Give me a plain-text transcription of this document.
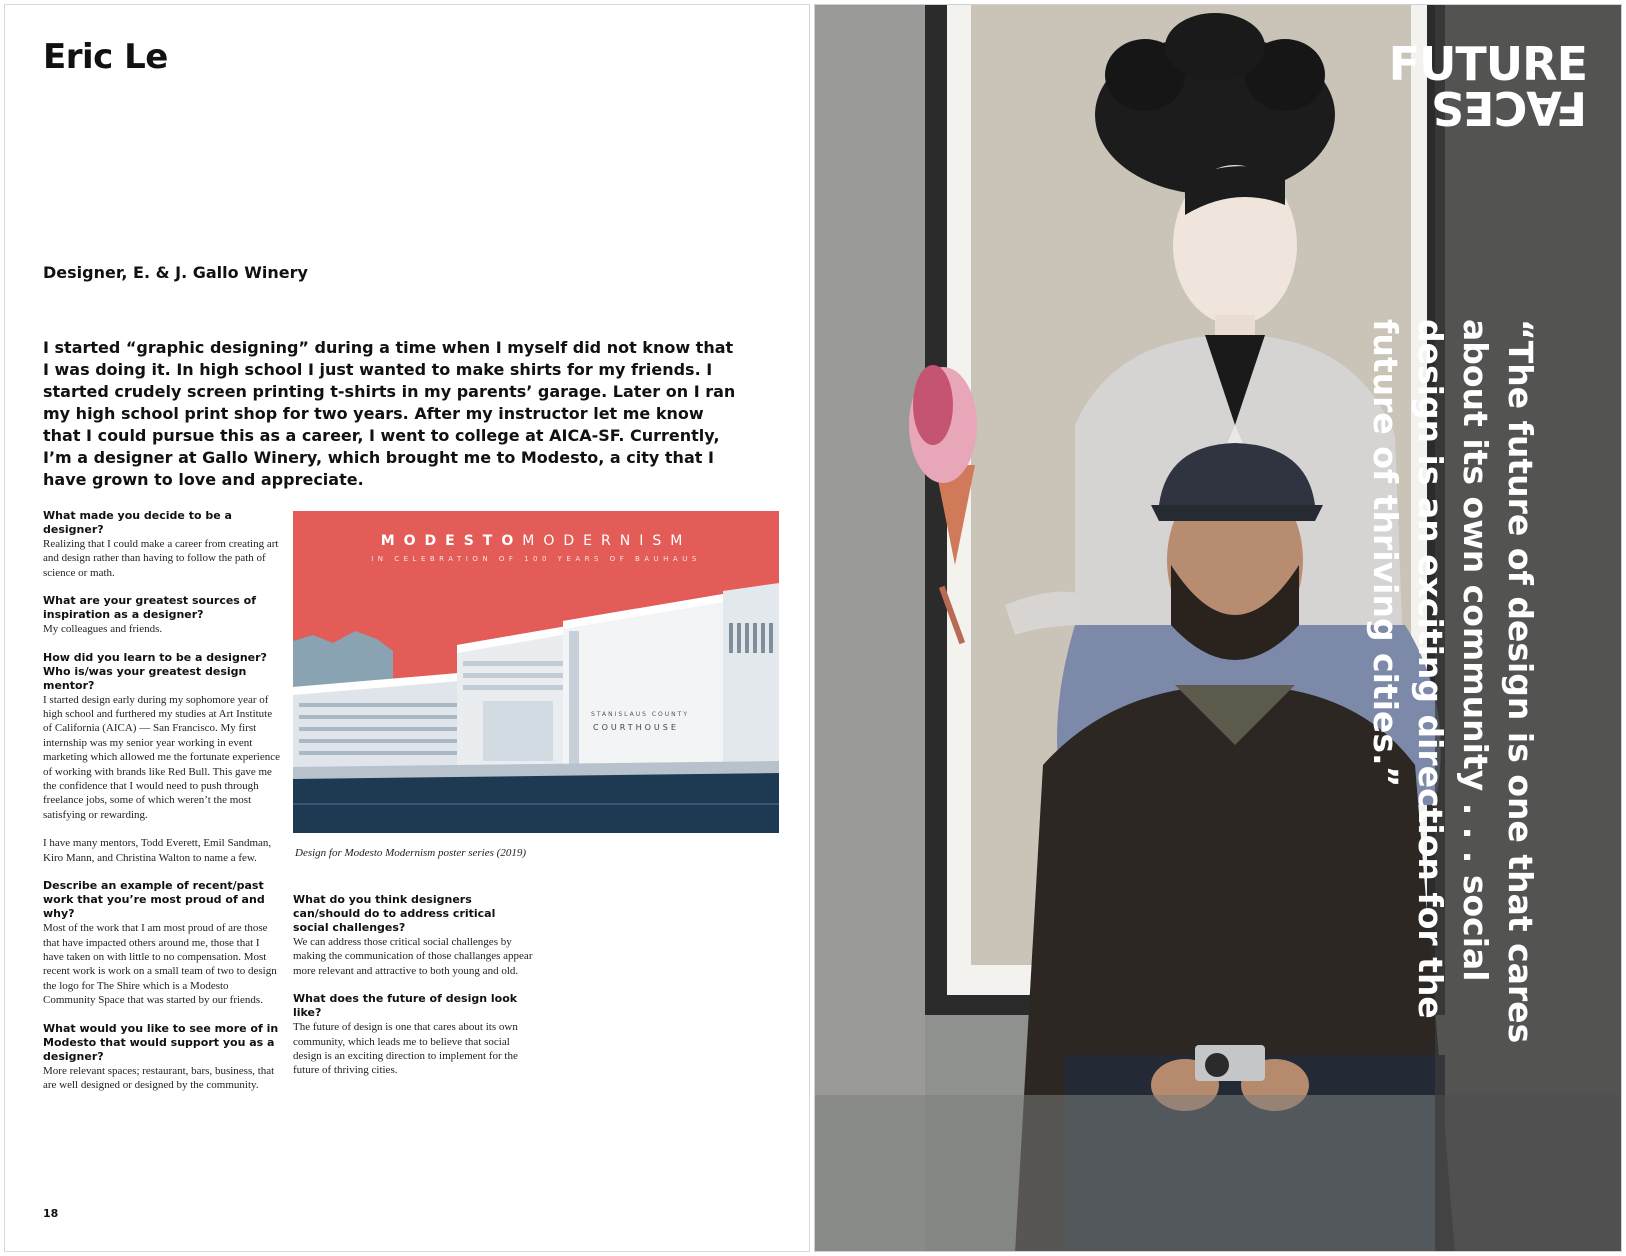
Eric Le
Designer, E. & J. Gallo Winery

I started “graphic designing” during a time when I myself did not know that I was doing it. In high school I just wanted to make shirts for my friends. I started crudely screen printing t-shirts in my parents’ garage. Later on I ran my high school print shop for two years. After my instructor let me know that I could pursue this as a career, I went to college at AICA-SF. Currently, I’m a designer at Gallo Winery, which brought me to Modesto, a city that I have grown to love and appreciate.

What made you decide to be a designer?

Realizing that I could make a career from creating art and design rather than having to follow the path of science or math.

What are your greatest sources of inspiration as a designer?

My colleagues and friends.

How did you learn to be a designer? Who is/was your greatest design mentor?

I started design early during my sophomore year of high school and furthered my studies at Art Institute of California (AICA) — San Francisco. My first internship was my senior year working in event marketing which allowed me the fortunate experience of working with brands like Red Bull. This gave me the confidence that I would need to push through freelance jobs, some of which weren’t the most satisfying or rewarding.

I have many mentors, Todd Everett, Emil Sandman, Kiro Mann, and Christina Walton to name a few.

Describe an example of recent/past work that you’re most proud of and why?

Most of the work that I am most proud of are those that have impacted others around me, those that I have taken on with little to no compensation. Most recent work is work on a small team of two to design the logo for The Shire which is a Modesto Community Space that was started by our friends.

What would you like to see more of in Modesto that would support you as a designer?

More relevant spaces; restaurant, bars, business, that are well designed or designed by the community.

MODESTOMODERNISM
IN CELEBRATION OF 100 YEARS OF BAUHAUS
STANISLAUS COUNTY
COURTHOUSE
Design for Modesto Modernism poster series (2019)

What do you think designers can/should do to address critical social challenges?

We can address those critical social challenges by making the communication of those challanges appear more relevant and attractive to both young and old.

What does the future of design look like?

The future of design is one that cares about its own community, which leads me to believe that social design is an exciting direction to implement for the future of thriving cities.

18
FUTURE
FACES

“The future of design is one that cares about its own community . . . social design is an exciting direction for the future of thriving cities.”
